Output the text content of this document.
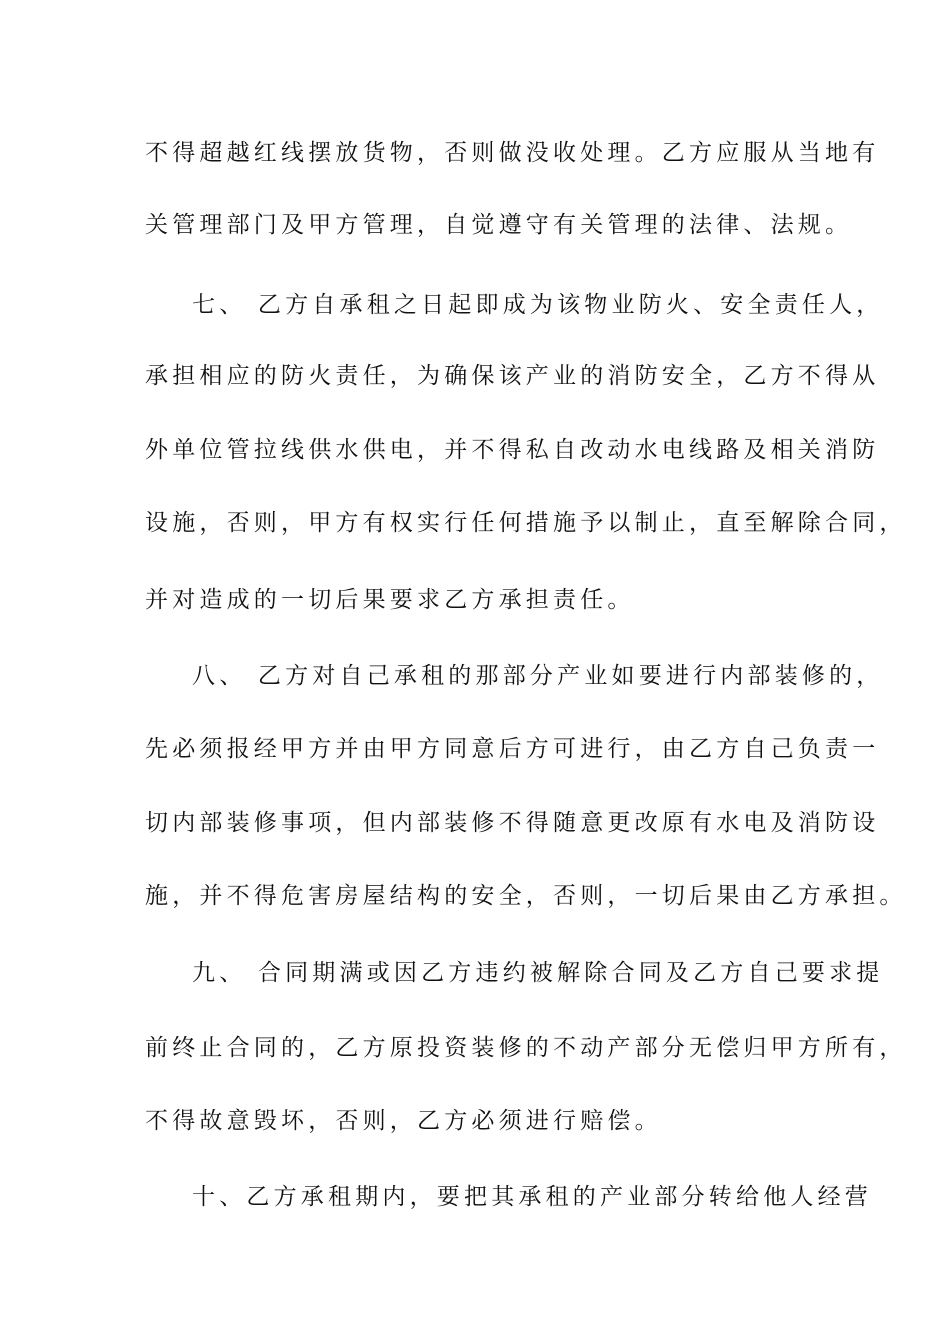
不得超越红线摆放货物，否则做没收处理。乙方应服从当地有
关管理部门及甲方管理，自觉遵守有关管理的法律、法规。
七、 乙方自承租之日起即成为该物业防火、安全责任人，
承担相应的防火责任，为确保该产业的消防安全，乙方不得从
外单位管拉线供水供电，并不得私自改动水电线路及相关消防
设施，否则，甲方有权实行任何措施予以制止，直至解除合同，
并对造成的一切后果要求乙方承担责任。
八、 乙方对自己承租的那部分产业如要进行内部装修的，
先必须报经甲方并由甲方同意后方可进行，由乙方自己负责一
切内部装修事项，但内部装修不得随意更改原有水电及消防设
施，并不得危害房屋结构的安全，否则，一切后果由乙方承担。
九、 合同期满或因乙方违约被解除合同及乙方自己要求提
前终止合同的，乙方原投资装修的不动产部分无偿归甲方所有，
不得故意毁坏，否则，乙方必须进行赔偿。
十、乙方承租期内，要把其承租的产业部分转给他人经营
